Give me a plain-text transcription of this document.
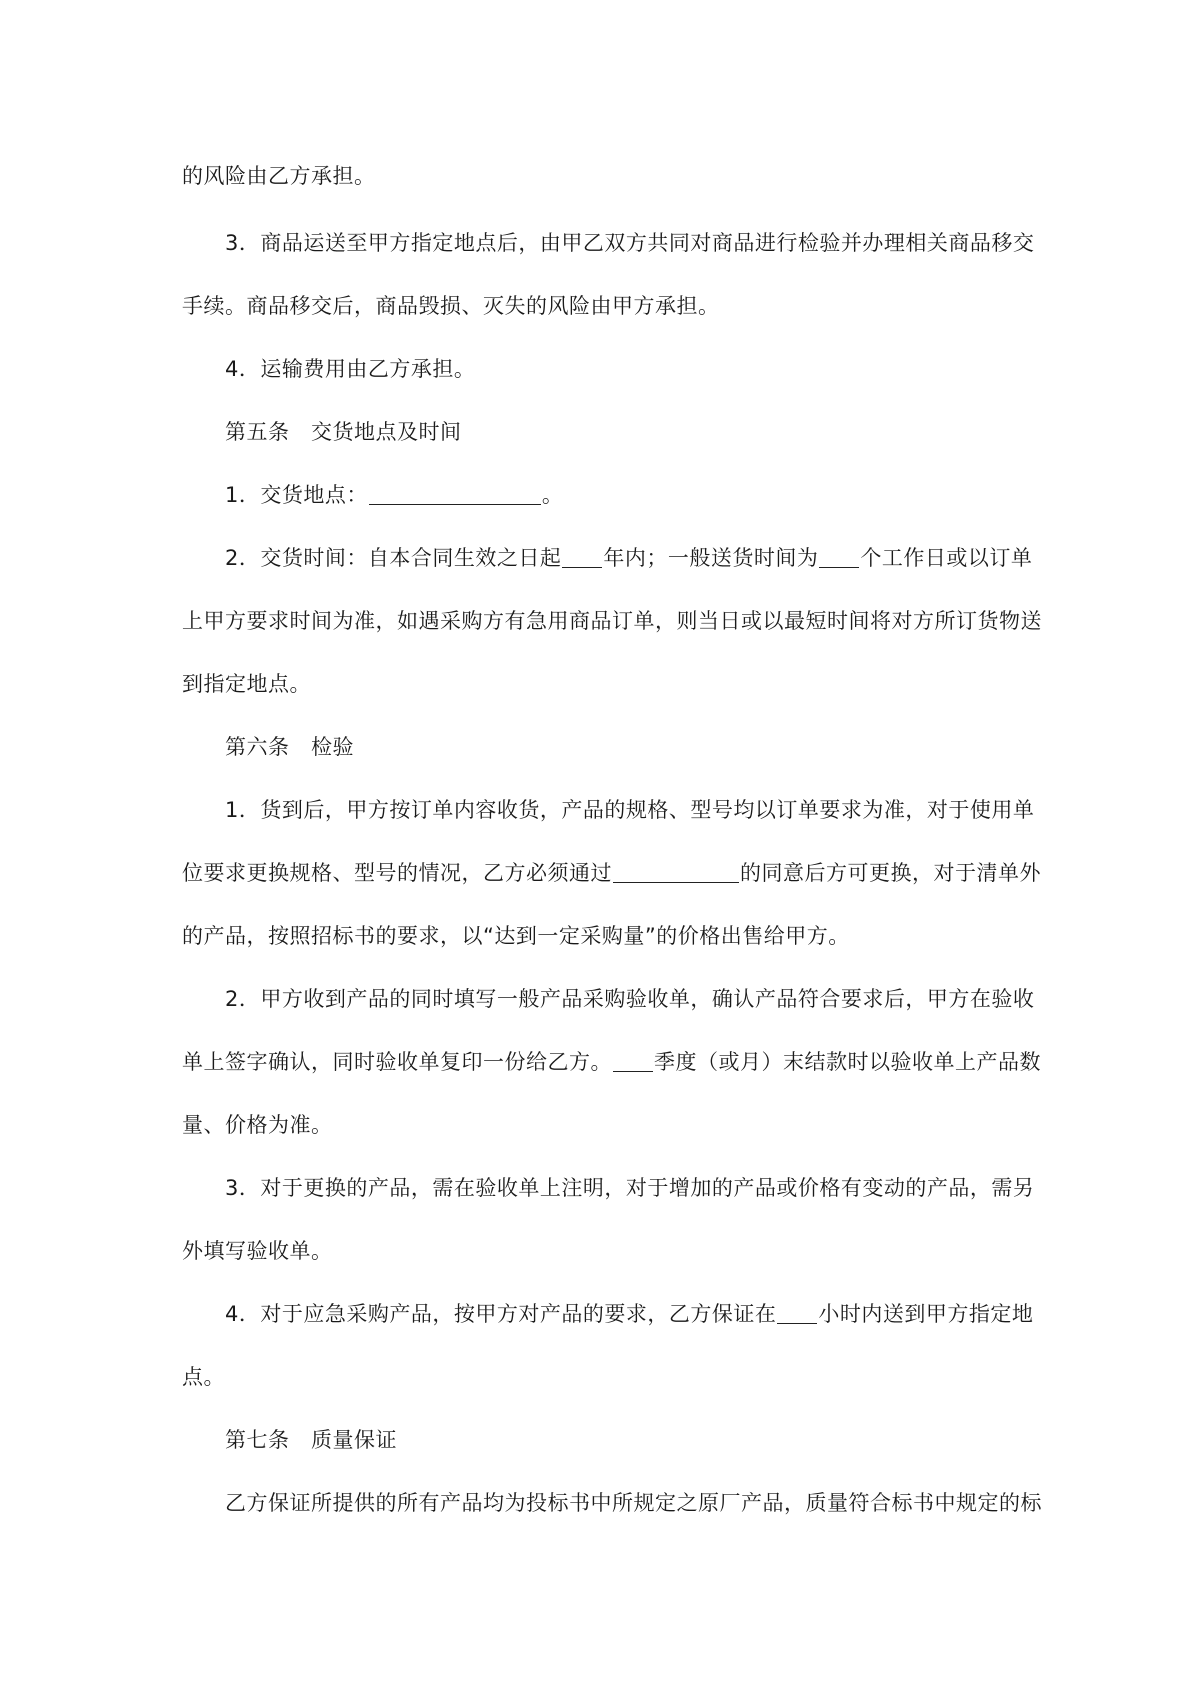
的风险由乙方承担。
3．商品运送至甲方指定地点后，由甲乙双方共同对商品进行检验并办理相关商品移交
手续。商品移交后，商品毁损、灭失的风险由甲方承担。
4．运输费用由乙方承担。
第五条　交货地点及时间
1．交货地点：	。
2．交货时间：自本合同生效之日起 年内；一般送货时间为 个工作日或以订单
上甲方要求时间为准，如遇采购方有急用商品订单，则当日或以最短时间将对方所订货物送
到指定地点。
第六条　检验
1．货到后，甲方按订单内容收货，产品的规格、型号均以订单要求为准，对于使用单
位要求更换规格、型号的情况，乙方必须通过	的同意后方可更换，对于清单外
的产品，按照招标书的要求，以“达到一定采购量”的价格出售给甲方。
2．甲方收到产品的同时填写一般产品采购验收单，确认产品符合要求后，甲方在验收
单上签字确认，同时验收单复印一份给乙方。 季度（或月）末结款时以验收单上产品数
量、价格为准。
3．对于更换的产品，需在验收单上注明，对于增加的产品或价格有变动的产品，需另
外填写验收单。
4．对于应急采购产品，按甲方对产品的要求，乙方保证在 小时内送到甲方指定地
点。
第七条　质量保证
乙方保证所提供的所有产品均为投标书中所规定之原厂产品，质量符合标书中规定的标
